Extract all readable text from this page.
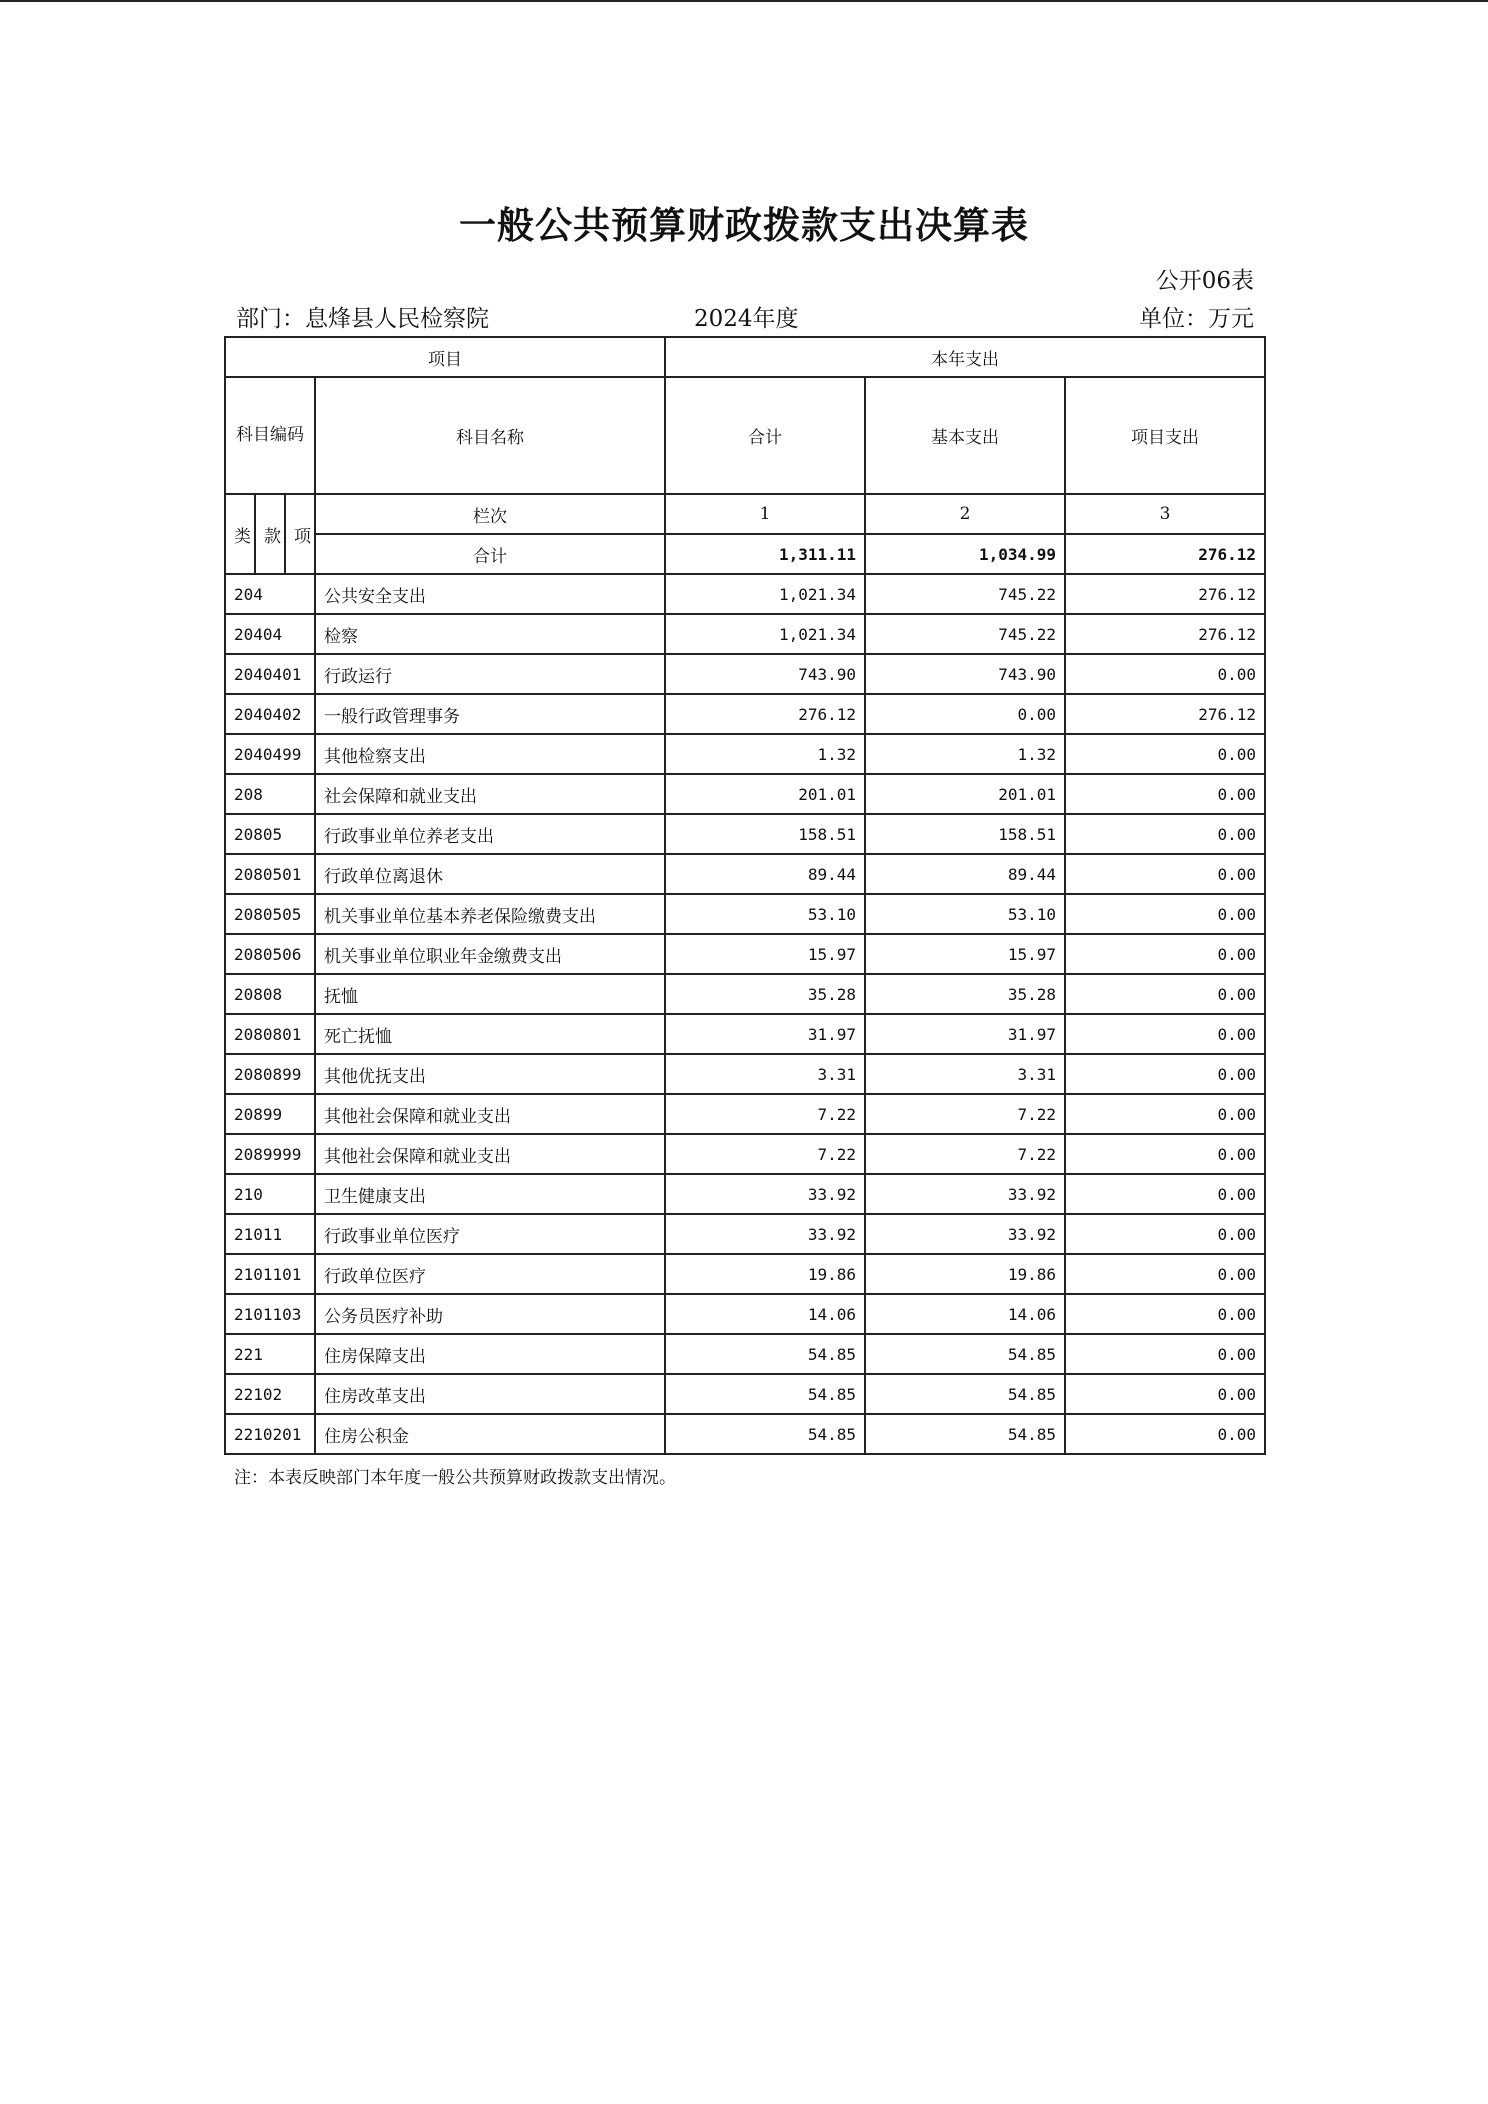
一般公共预算财政拨款支出决算表
公开06表
部门：息烽县人民检察院	2024年度	单位：万元
项目				本年支出		
科目编码			科目名称	合计	基本支出	项目支出
类	款	项	栏次	1	2	3
			合计	1,311.11	1,034.99	276.12
204			公共安全支出	1,021.34	745.22	276.12
20404			检察	1,021.34	745.22	276.12
2040401			行政运行	743.90	743.90	0.00
2040402			一般行政管理事务	276.12	0.00	276.12
2040499			其他检察支出	1.32	1.32	0.00
208			社会保障和就业支出	201.01	201.01	0.00
20805			行政事业单位养老支出	158.51	158.51	0.00
2080501			行政单位离退休	89.44	89.44	0.00
2080505			机关事业单位基本养老保险缴费支出	53.10	53.10	0.00
2080506			机关事业单位职业年金缴费支出	15.97	15.97	0.00
20808			抚恤	35.28	35.28	0.00
2080801			死亡抚恤	31.97	31.97	0.00
2080899			其他优抚支出	3.31	3.31	0.00
20899			其他社会保障和就业支出	7.22	7.22	0.00
2089999			其他社会保障和就业支出	7.22	7.22	0.00
210			卫生健康支出	33.92	33.92	0.00
21011			行政事业单位医疗	33.92	33.92	0.00
2101101			行政单位医疗	19.86	19.86	0.00
2101103			公务员医疗补助	14.06	14.06	0.00
221			住房保障支出	54.85	54.85	0.00
22102			住房改革支出	54.85	54.85	0.00
2210201			住房公积金	54.85	54.85	0.00
注：本表反映部门本年度一般公共预算财政拨款支出情况。
